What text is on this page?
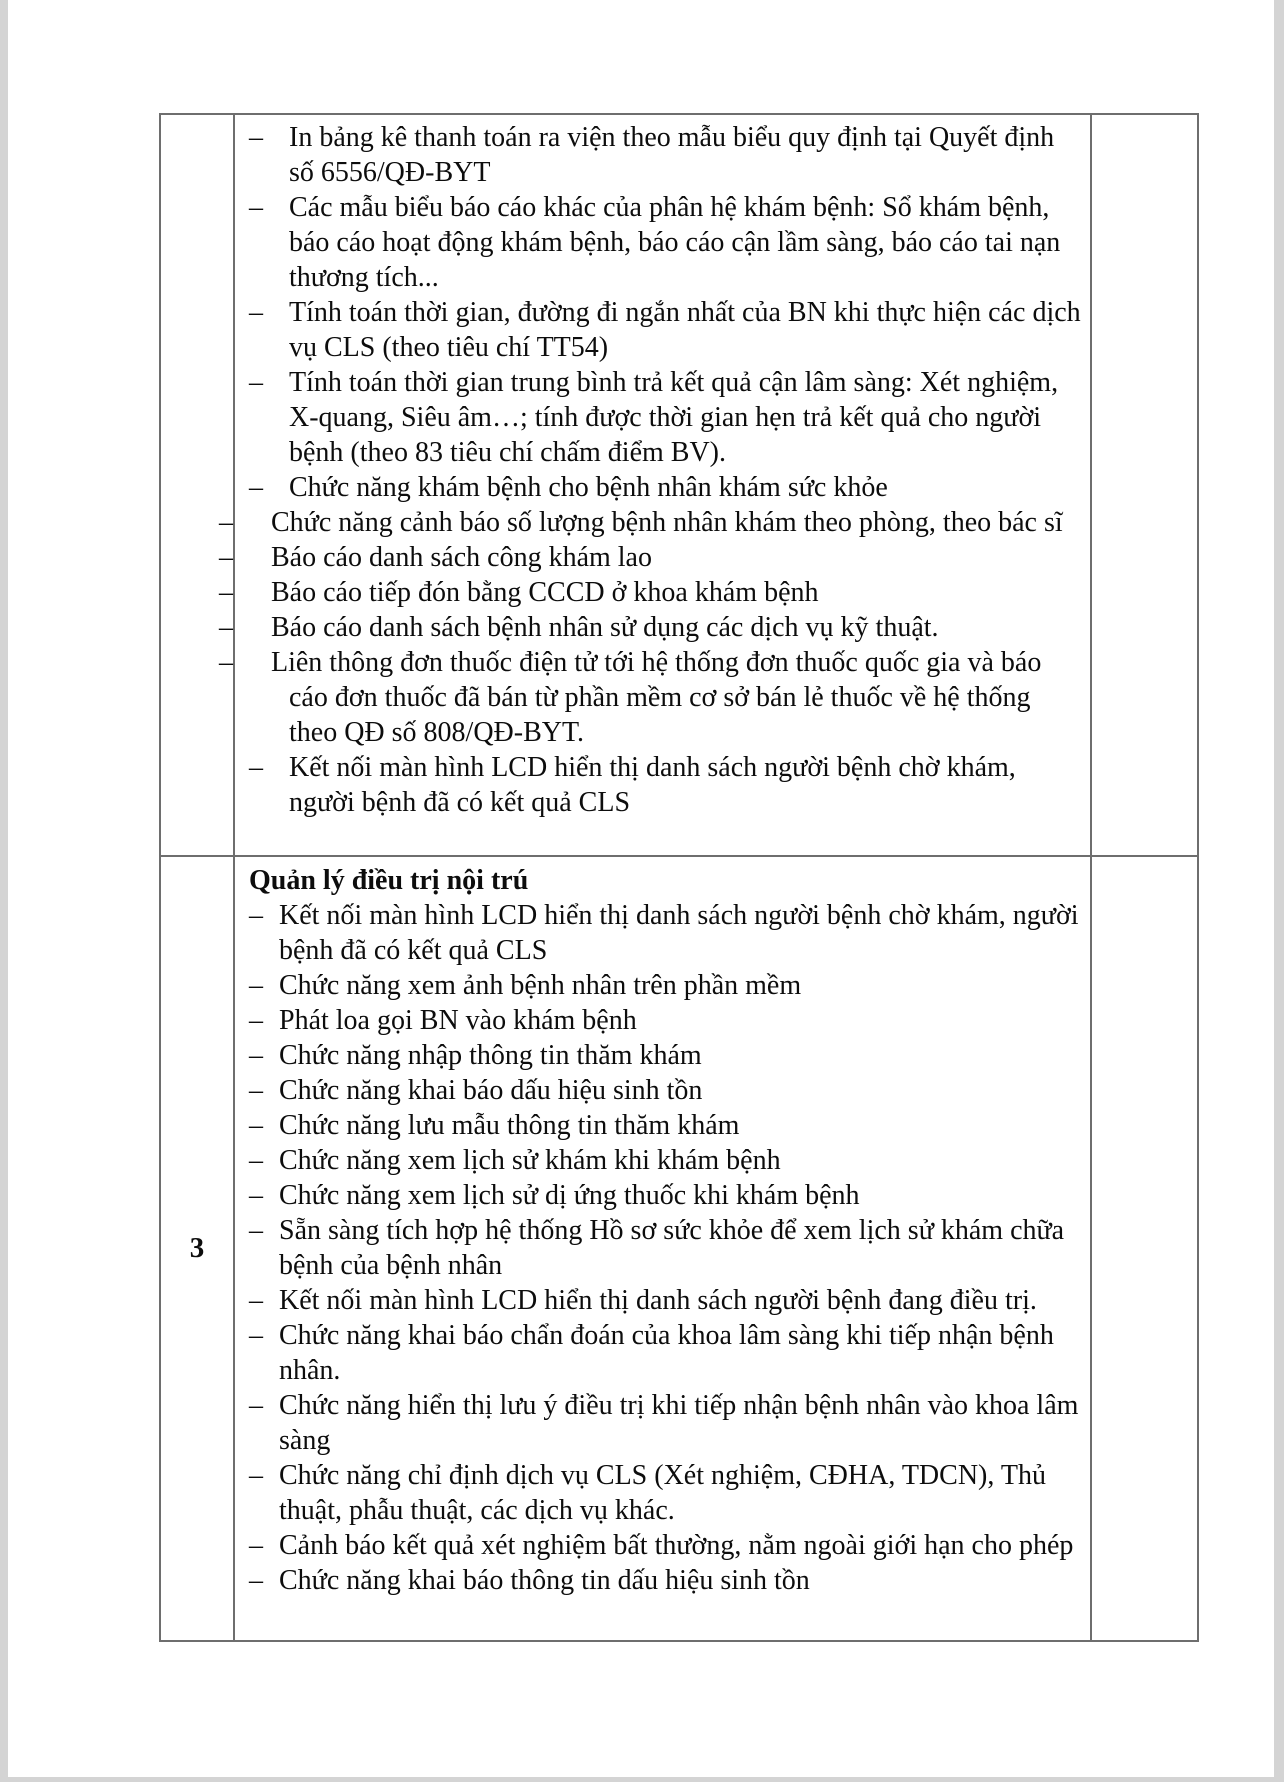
– In bảng kê thanh toán ra viện theo mẫu biểu quy định tại Quyết định số 6556/QĐ-BYT
– Các mẫu biểu báo cáo khác của phân hệ khám bệnh: Sổ khám bệnh, báo cáo hoạt động khám bệnh, báo cáo cận lầm sàng, báo cáo tai nạn thương tích...
– Tính toán thời gian, đường đi ngắn nhất của BN khi thực hiện các dịch vụ CLS (theo tiêu chí TT54)
– Tính toán thời gian trung bình trả kết quả cận lâm sàng: Xét nghiệm, X-quang, Siêu âm…; tính được thời gian hẹn trả kết quả cho người bệnh (theo 83 tiêu chí chấm điểm BV).
– Chức năng khám bệnh cho bệnh nhân khám sức khỏe
– Chức năng cảnh báo số lượng bệnh nhân khám theo phòng, theo bác sĩ
– Báo cáo danh sách công khám lao
– Báo cáo tiếp đón bằng CCCD ở khoa khám bệnh
– Báo cáo danh sách bệnh nhân sử dụng các dịch vụ kỹ thuật.
– Liên thông đơn thuốc điện tử tới hệ thống đơn thuốc quốc gia và báo cáo đơn thuốc đã bán từ phần mềm cơ sở bán lẻ thuốc về hệ thống theo QĐ số 808/QĐ-BYT.
– Kết nối màn hình LCD hiển thị danh sách người bệnh chờ khám, người bệnh đã có kết quả CLS
3
Quản lý điều trị nội trú
– Kết nối màn hình LCD hiển thị danh sách người bệnh chờ khám, người bệnh đã có kết quả CLS
– Chức năng xem ảnh bệnh nhân trên phần mềm
– Phát loa gọi BN vào khám bệnh
– Chức năng nhập thông tin thăm khám
– Chức năng khai báo dấu hiệu sinh tồn
– Chức năng lưu mẫu thông tin thăm khám
– Chức năng xem lịch sử khám khi khám bệnh
– Chức năng xem lịch sử dị ứng thuốc khi khám bệnh
– Sẵn sàng tích hợp hệ thống Hồ sơ sức khỏe để xem lịch sử khám chữa bệnh của bệnh nhân
– Kết nối màn hình LCD hiển thị danh sách người bệnh đang điều trị.
– Chức năng khai báo chẩn đoán của khoa lâm sàng khi tiếp nhận bệnh nhân.
– Chức năng hiển thị lưu ý điều trị khi tiếp nhận bệnh nhân vào khoa lâm sàng
– Chức năng chỉ định dịch vụ CLS (Xét nghiệm, CĐHA, TDCN), Thủ thuật, phẫu thuật, các dịch vụ khác.
– Cảnh báo kết quả xét nghiệm bất thường, nằm ngoài giới hạn cho phép
– Chức năng khai báo thông tin dấu hiệu sinh tồn
